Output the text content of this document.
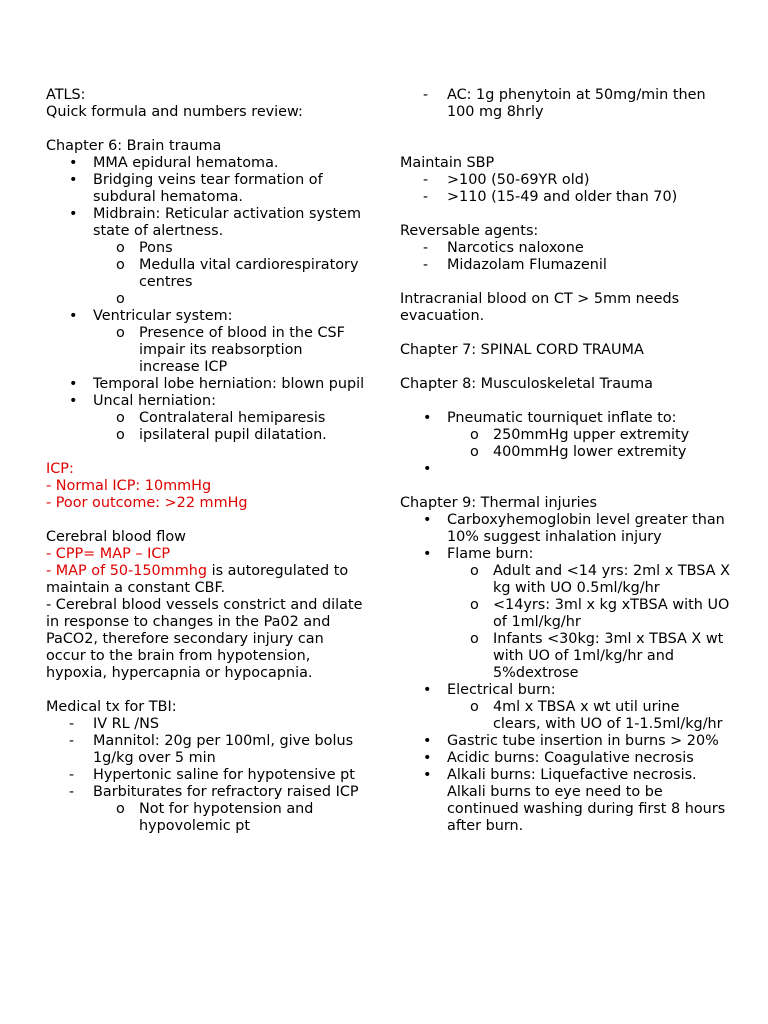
ATLS:

Quick formula and numbers review:

Chapter 6: Brain trauma

• MMA epidural hematoma.
• Bridging veins tear formation of subdural hematoma.
• Midbrain: Reticular activation system state of alertness.
o Pons
o Medulla vital cardiorespiratory centres
o

• Ventricular system:
o Presence of blood in the CSF impair its reabsorption increase ICP
• Temporal lobe herniation: blown pupil
• Uncal herniation:
o Contralateral hemiparesis
o ipsilateral pupil dilatation.

ICP:

- Normal ICP: 10mmHg

- Poor outcome: >22 mmHg

Cerebral blood flow

- CPP= MAP – ICP

- MAP of 50-150mmhg is autoregulated to maintain a constant CBF.

- Cerebral blood vessels constrict and dilate in response to changes in the Pa02 and PaCO2, therefore secondary injury can occur to the brain from hypotension, hypoxia, hypercapnia or hypocapnia.

Medical tx for TBI:

- IV RL /NS
- Mannitol: 20g per 100ml, give bolus 1g/kg over 5 min
- Hypertonic saline for hypotensive pt
- Barbiturates for refractory raised ICP
o Not for hypotension and hypovolemic pt
- AC: 1g phenytoin at 50mg/min then 100 mg 8hrly

Maintain SBP

- >100 (50-69YR old)
- >110 (15-49 and older than 70)

Reversable agents:

- Narcotics naloxone
- Midazolam Flumazenil

Intracranial blood on CT > 5mm needs evacuation.

Chapter 7: SPINAL CORD TRAUMA

Chapter 8: Musculoskeletal Trauma

• Pneumatic tourniquet inflate to:
o 250mmHg upper extremity
o 400mmHg lower extremity
•

Chapter 9: Thermal injuries

• Carboxyhemoglobin level greater than 10% suggest inhalation injury
• Flame burn:
o Adult and <14 yrs: 2ml x TBSA X kg with UO 0.5ml/kg/hr
o <14yrs: 3ml x kg xTBSA with UO of 1ml/kg/hr
o Infants <30kg: 3ml x TBSA X wt with UO of 1ml/kg/hr and 5%dextrose
• Electrical burn:
o 4ml x TBSA x wt util urine clears, with UO of 1-1.5ml/kg/hr
• Gastric tube insertion in burns > 20%
• Acidic burns: Coagulative necrosis
• Alkali burns: Liquefactive necrosis. Alkali burns to eye need to be continued washing during first 8 hours after burn.
